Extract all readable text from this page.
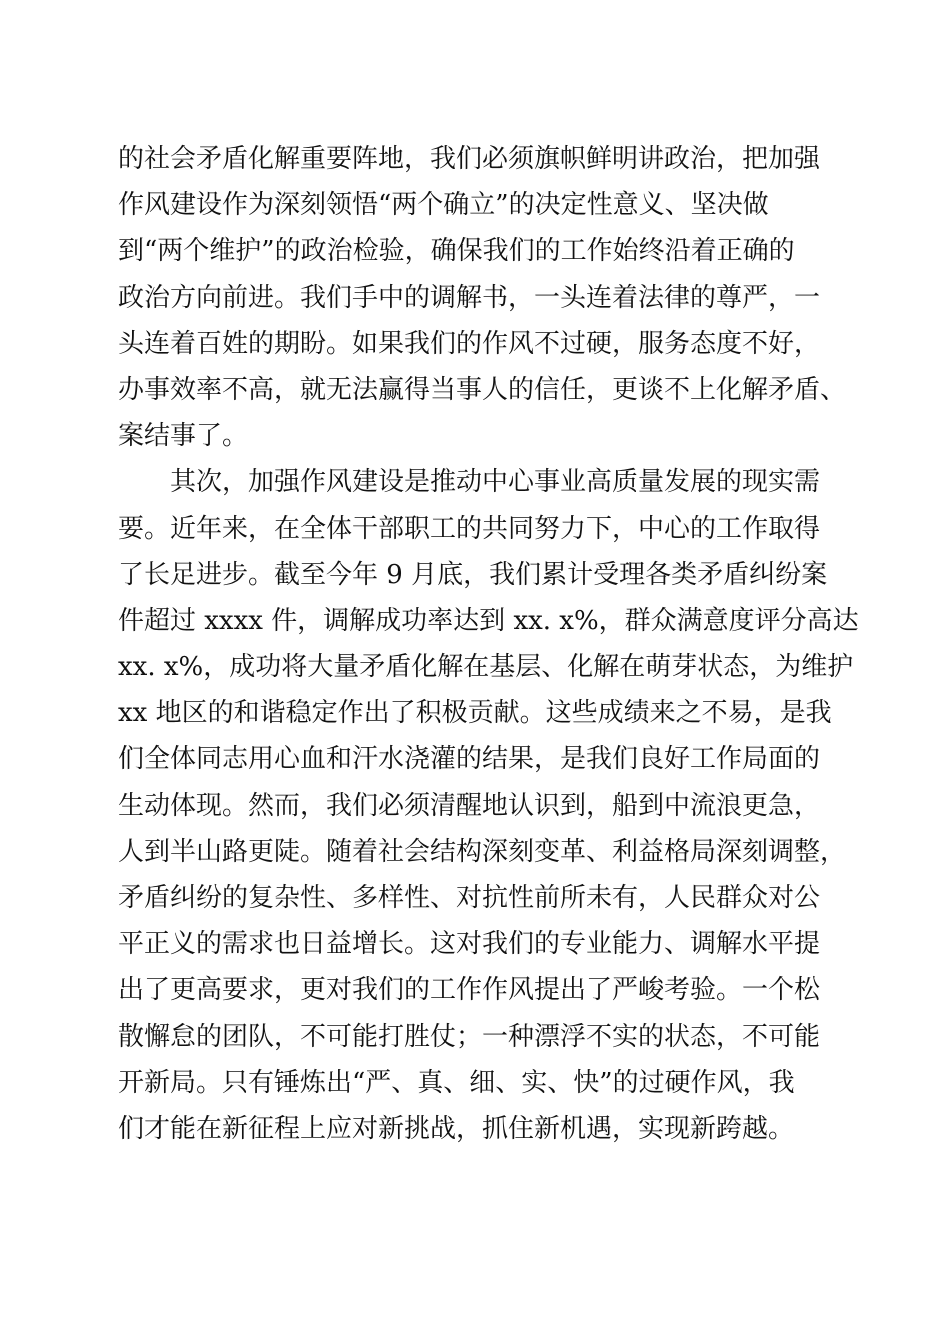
的社会矛盾化解重要阵地，我们必须旗帜鲜明讲政治，把加强
作风建设作为深刻领悟“两个确立”的决定性意义、坚决做
到“两个维护”的政治检验，确保我们的工作始终沿着正确的
政治方向前进。我们手中的调解书，一头连着法律的尊严，一
头连着百姓的期盼。如果我们的作风不过硬，服务态度不好，
办事效率不高，就无法赢得当事人的信任，更谈不上化解矛盾、
案结事了。
其次，加强作风建设是推动中心事业高质量发展的现实需
要。近年来，在全体干部职工的共同努力下，中心的工作取得
了长足进步。截至今年 9 月底，我们累计受理各类矛盾纠纷案
件超过 xxxx 件，调解成功率达到 xx. x%，群众满意度评分高达
xx. x%，成功将大量矛盾化解在基层、化解在萌芽状态，为维护
xx 地区的和谐稳定作出了积极贡献。这些成绩来之不易，是我
们全体同志用心血和汗水浇灌的结果，是我们良好工作局面的
生动体现。然而，我们必须清醒地认识到，船到中流浪更急，
人到半山路更陡。随着社会结构深刻变革、利益格局深刻调整，
矛盾纠纷的复杂性、多样性、对抗性前所未有，人民群众对公
平正义的需求也日益增长。这对我们的专业能力、调解水平提
出了更高要求，更对我们的工作作风提出了严峻考验。一个松
散懈怠的团队，不可能打胜仗；一种漂浮不实的状态，不可能
开新局。只有锤炼出“严、真、细、实、快”的过硬作风，我
们才能在新征程上应对新挑战，抓住新机遇，实现新跨越。
